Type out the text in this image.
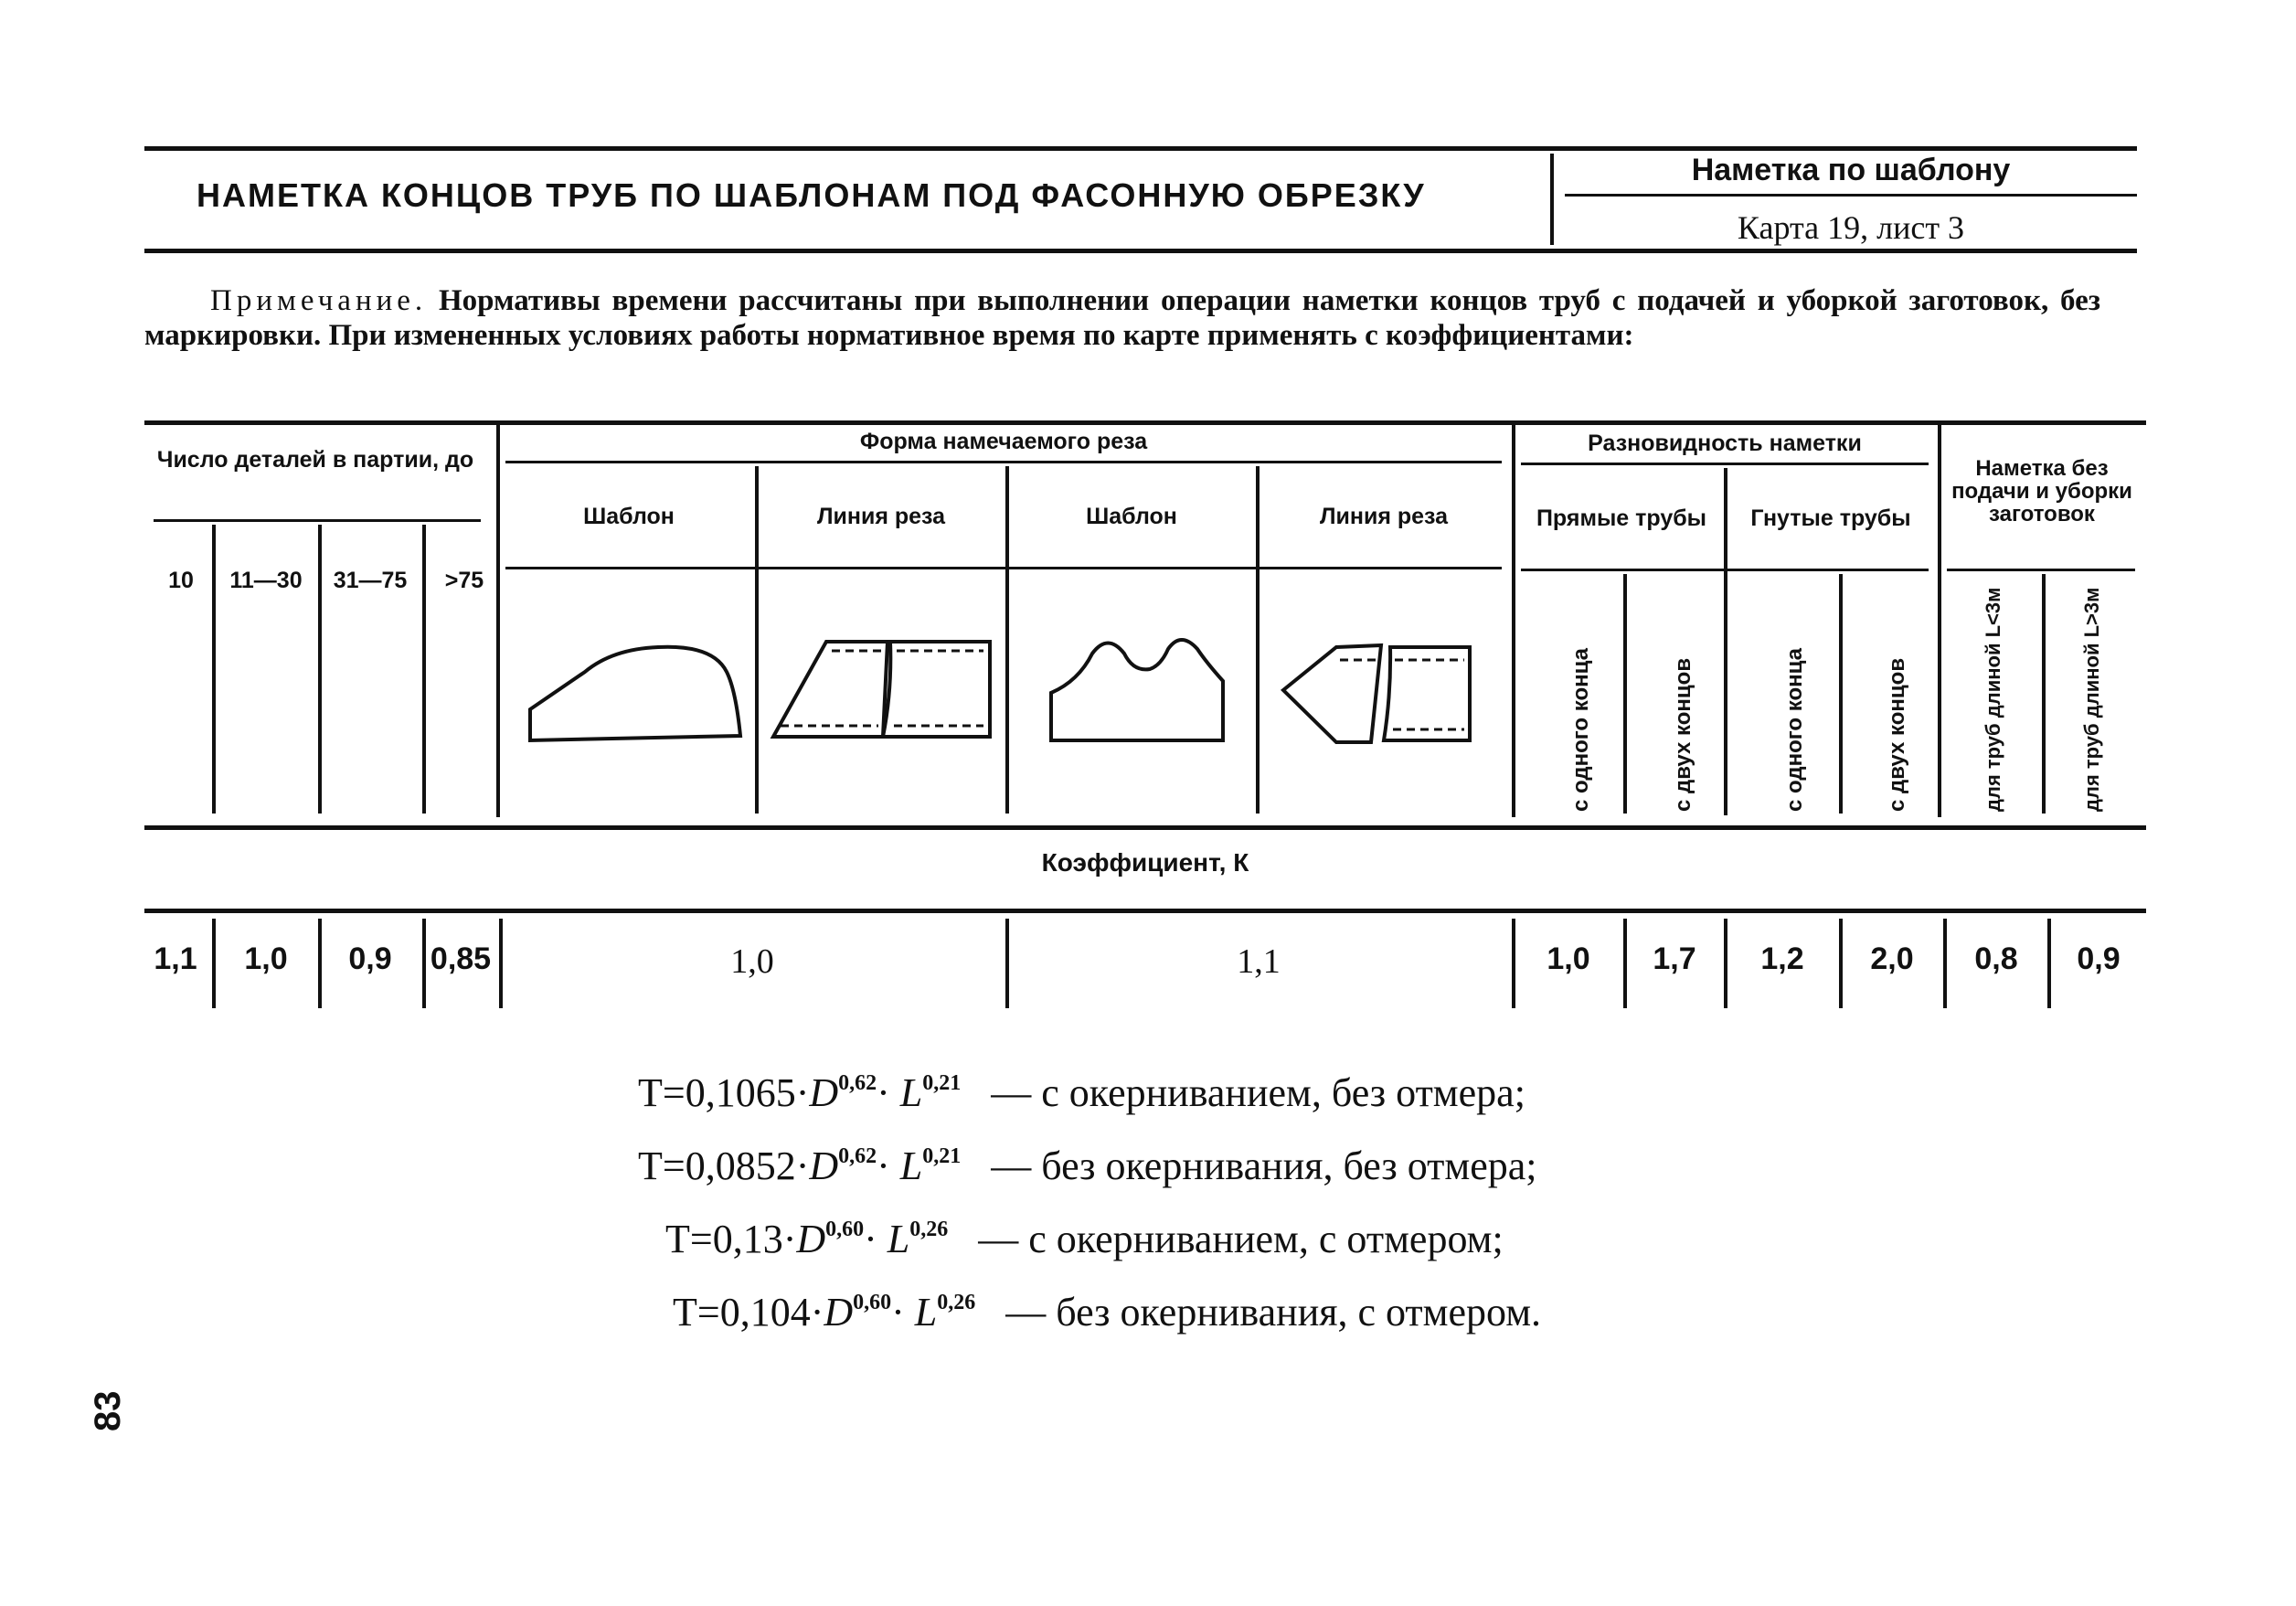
НАМЕТКА КОНЦОВ ТРУБ ПО ШАБЛОНАМ ПОД ФАСОННУЮ ОБРЕЗКУ
Наметка по шаблону
Карта 19, лист 3
Примечание. Нормативы времени рассчитаны при выполнении операции наметки концов труб с подачей и уборкой заготовок, без маркировки. При измененных условиях работы нормативное время по карте применять с коэффициентами:
Число деталей в партии, до
10	11—30	31—75	>75
Форма намечаемого реза
Шаблон	Линия реза	Шаблон	Линия реза
Разновидность наметки
Прямые трубы	Гнутые трубы
Наметка без подачи и уборки заготовок
с одного конца	с двух концов	с одного конца	с двух концов	для труб длиной L<3м	для труб длиной L>3м
Коэффициент, К
1,1	1,0	0,9	0,85	1,0	1,1	1,0	1,7	1,2	2,0	0,8	0,9
$Т=0,1065\cdot D^{0,62}\cdot L^{0,21}$ — с окерниванием, без отмера;
$Т=0,0852\cdot D^{0,62}\cdot L^{0,21}$ — без окернивания, без отмера;
$Т=0,13\cdot D^{0,60}\cdot L^{0,26}$ — с окерниванием, с отмером;
$Т=0,104\cdot D^{0,60}\cdot L^{0,26}$ — без окернивания, с отмером.
83
